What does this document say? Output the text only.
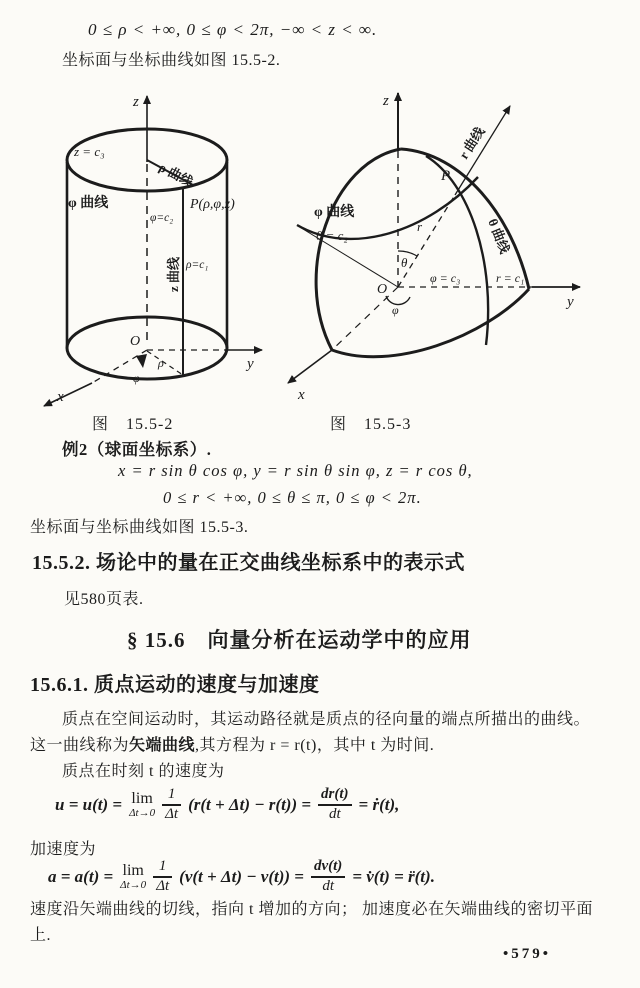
0 ≤ ρ < +∞, 0 ≤ φ < 2π, −∞ < z < ∞.
坐标面与坐标曲线如图 15.5-2.
z
z = c₃
ρ 曲线
φ 曲线
φ=c₂
P(ρ,φ,z)
z 曲线 ρ=c₁
O
ρ
φ
y
x
z
r 曲线
P
φ 曲线
θ = c₂
θ
r	θ 曲线
φ = c₃	r = c₁
O
φ	y
x
图　15.5-2	图　15.5-3
例2（球面坐标系）.
x = r sin θ cos φ, y = r sin θ sin φ, z = r cos θ,
0 ≤ r < +∞, 0 ≤ θ ≤ π, 0 ≤ φ < 2π.
坐标面与坐标曲线如图 15.5-3.
15.5.2. 场论中的量在正交曲线坐标系中的表示式
见580页表.
§ 15.6　向量分析在运动学中的应用
15.6.1. 质点运动的速度与加速度
质点在空间运动时，其运动路径就是质点的径向量的端点所描出的曲线。
这一曲线称为矢端曲线,其方程为 r = r(t)，其中 t 为时间.
质点在时刻 t 的速度为
u = u(t) = lim
$\Delta t\to 0 \frac{1}{\Delta t} (r(t + \Delta t) - r(t)) = \frac{dr(t)}{dt}$ = ṙ(t),
加速度为
a = a(t) = lim
$\Delta t\to 0 \frac{1}{\Delta t} (v(t + \Delta t) - v(t)) = \frac{dv(t)}{dt}$ = v̇(t) = r̈(t).
速度沿矢端曲线的切线，指向 t 增加的方向； 加速度必在矢端曲线的密切平面
上.
•579•
